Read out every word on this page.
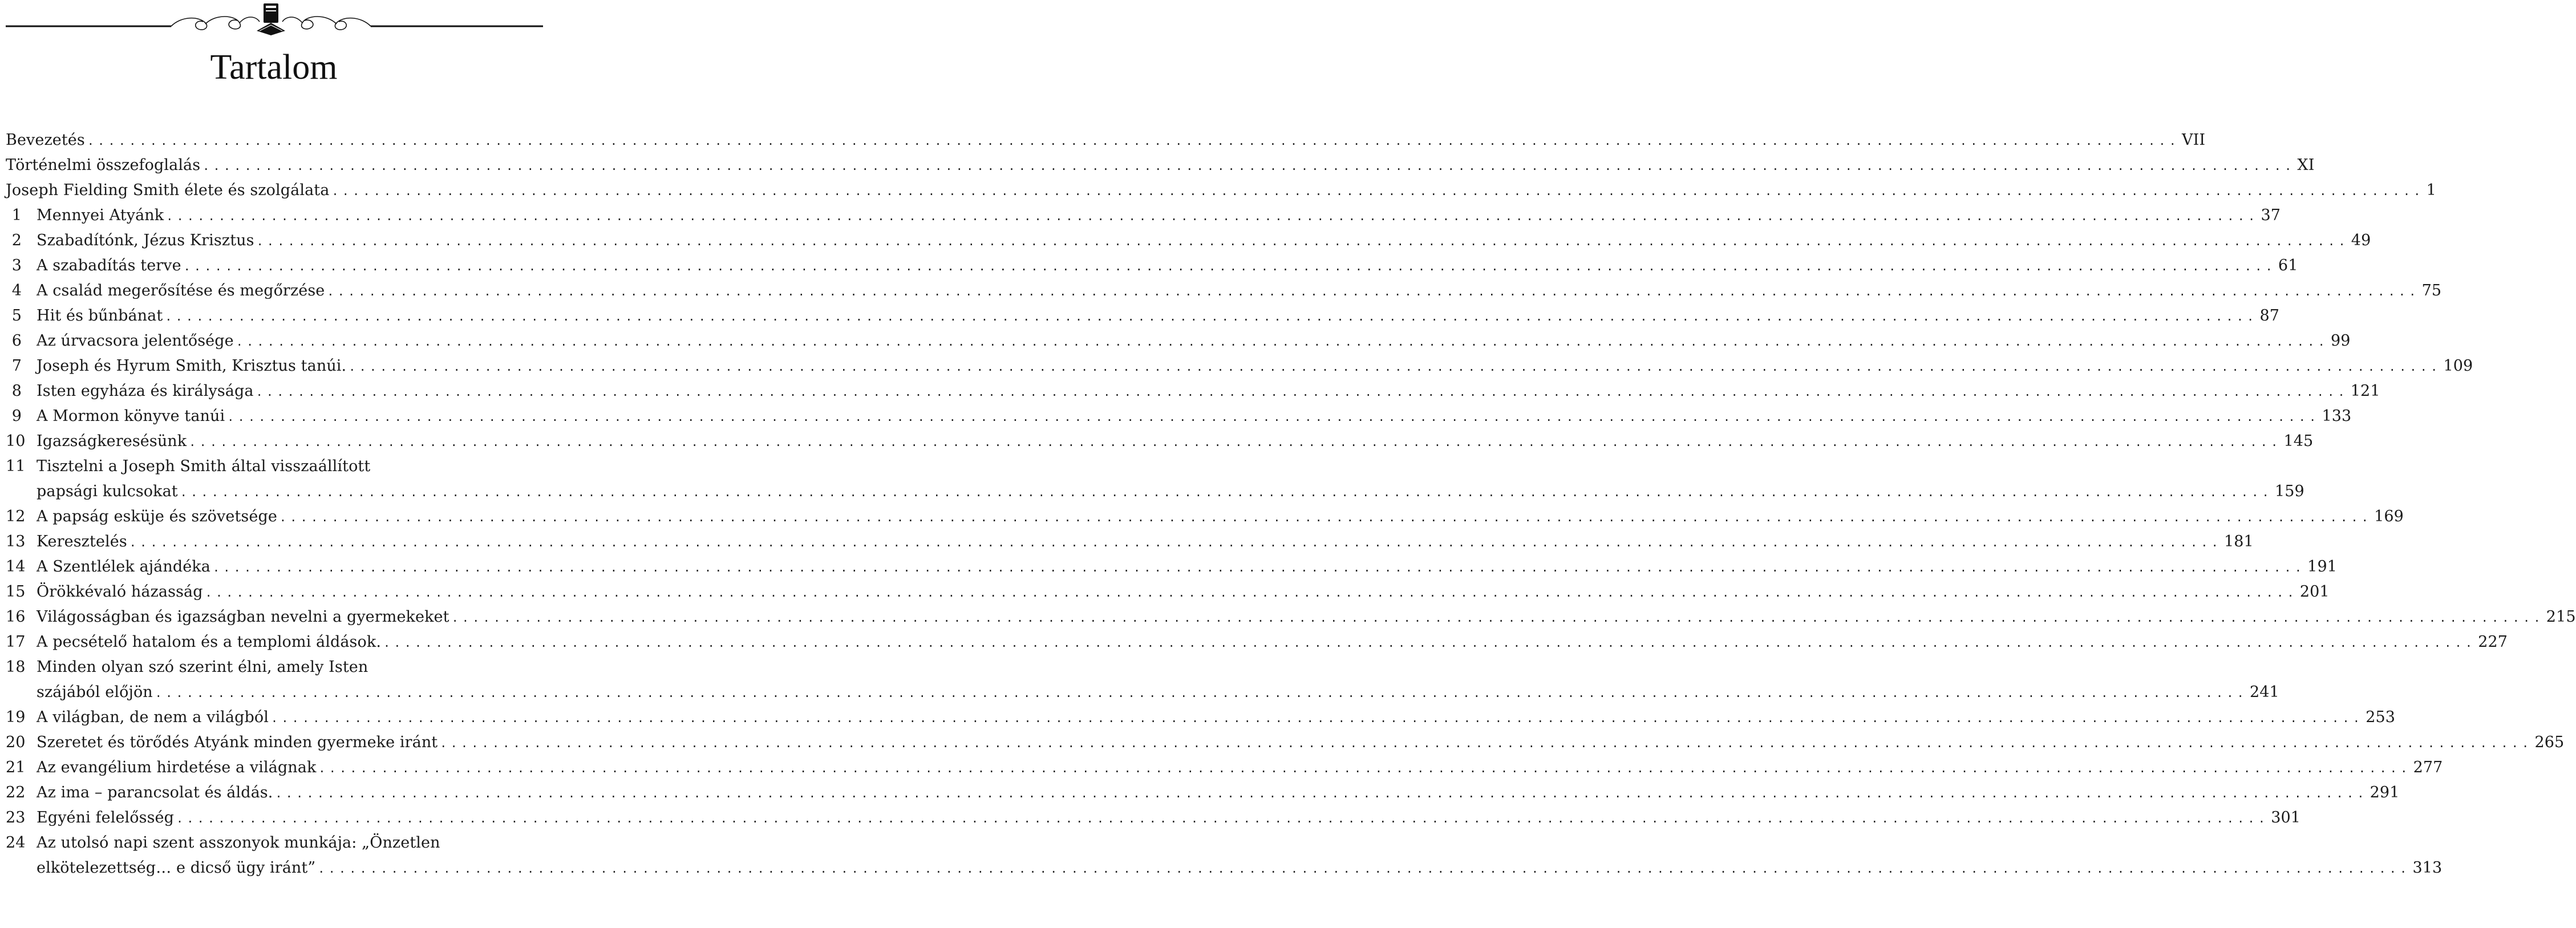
Tartalom
Bevezetés ........................................................................................................................................................................................................ VII
Történelmi összefoglalás ........................................................................................................................................................................................................ XI
Joseph Fielding Smith élete és szolgálata ........................................................................................................................................................................................................ 1
1 Mennyei Atyánk ........................................................................................................................................................................................................ 37
2 Szabadítónk, Jézus Krisztus ........................................................................................................................................................................................................ 49
3 A szabadítás terve ........................................................................................................................................................................................................ 61
4 A család megerősítése és megőrzése ........................................................................................................................................................................................................ 75
5 Hit és bűnbánat ........................................................................................................................................................................................................ 87
6 Az úrvacsora jelentősége ........................................................................................................................................................................................................ 99
7 Joseph és Hyrum Smith, Krisztus tanúi. ........................................................................................................................................................................................................ 109
8 Isten egyháza és királysága ........................................................................................................................................................................................................ 121
9 A Mormon könyve tanúi ........................................................................................................................................................................................................ 133
10 Igazságkeresésünk ........................................................................................................................................................................................................ 145
11 Tisztelni a Joseph Smith által visszaállított
papsági kulcsokat ........................................................................................................................................................................................................ 159
12 A papság esküje és szövetsége ........................................................................................................................................................................................................ 169
13 Keresztelés ........................................................................................................................................................................................................ 181
14 A Szentlélek ajándéka ........................................................................................................................................................................................................ 191
15 Örökkévaló házasság ........................................................................................................................................................................................................ 201
16 Világosságban és igazságban nevelni a gyermekeket ........................................................................................................................................................................................................ 215
17 A pecsételő hatalom és a templomi áldások. ........................................................................................................................................................................................................ 227
18 Minden olyan szó szerint élni, amely Isten
szájából előjön ........................................................................................................................................................................................................ 241
19 A világban, de nem a világból ........................................................................................................................................................................................................ 253
20 Szeretet és törődés Atyánk minden gyermeke iránt ........................................................................................................................................................................................................ 265
21 Az evangélium hirdetése a világnak ........................................................................................................................................................................................................ 277
22 Az ima – parancsolat és áldás. ........................................................................................................................................................................................................ 291
23 Egyéni felelősség ........................................................................................................................................................................................................ 301
24 Az utolsó napi szent asszonyok munkája: „Önzetlen
elkötelezettség… e dicső ügy iránt” ........................................................................................................................................................................................................ 313
